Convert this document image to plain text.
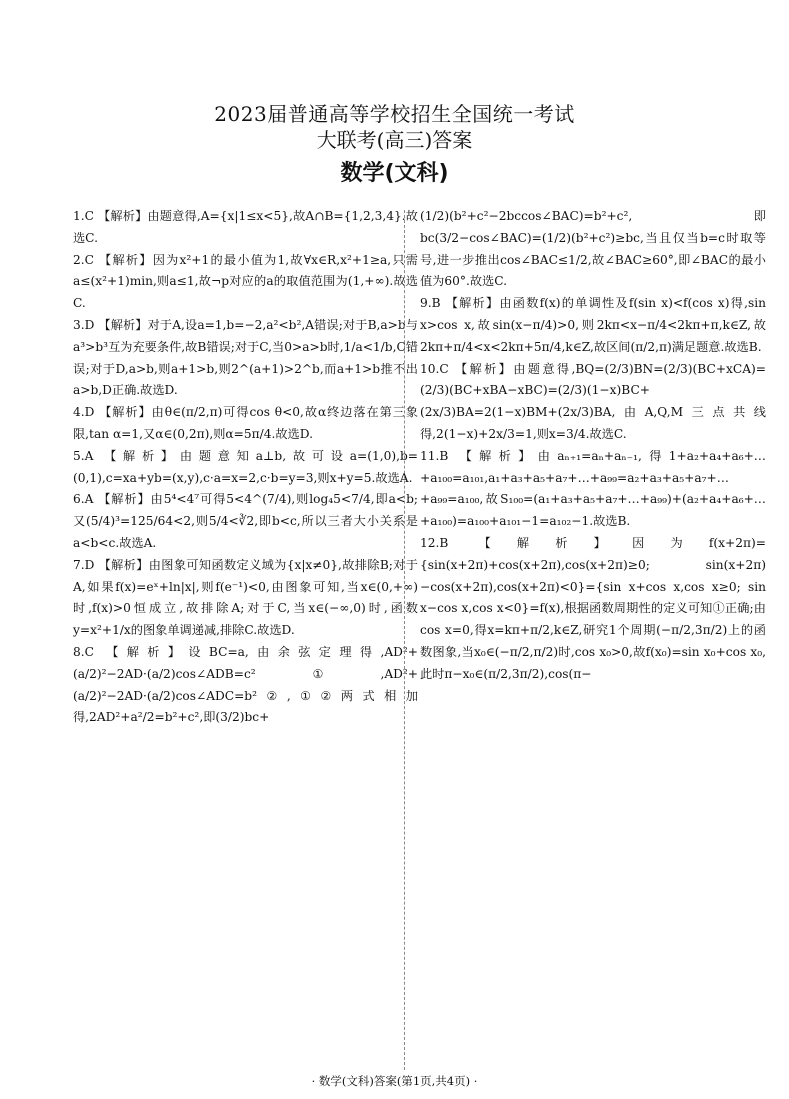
2023届普通高等学校招生全国统一考试
大联考(高三)答案
数学(文科)

1.C 【解析】由题意得,A={x|1≤x<5},故A∩B={1,2,3,4}.故选C.

2.C 【解析】因为x²+1的最小值为1,故∀x∈R,x²+1≥a,只需a≤(x²+1)min,则a≤1,故¬p对应的a的取值范围为(1,+∞).故选C.

3.D 【解析】对于A,设a=1,b=−2,a²<b²,A错误;对于B,a>b与a³>b³互为充要条件,故B错误;对于C,当0>a>b时,1/a<1/b,C错误;对于D,a>b,则a+1>b,则2^(a+1)>2^b,而a+1>b推不出a>b,D正确.故选D.

4.D 【解析】由θ∈(π/2,π)可得cos θ<0,故α终边落在第三象限,tan α=1,又α∈(0,2π),则α=5π/4.故选D.

5.A 【解析】由题意知a⊥b,故可设a=(1,0),b=(0,1),c=xa+yb=(x,y),c·a=x=2,c·b=y=3,则x+y=5.故选A.

6.A 【解析】由5⁴<4⁷可得5<4^(7/4),则log₄5<7/4,即a<b;又(5/4)³=125/64<2,则5/4<∛2,即b<c,所以三者大小关系是a<b<c.故选A.

7.D 【解析】由图象可知函数定义域为{x|x≠0},故排除B;对于A,如果f(x)=eˣ+ln|x|,则f(e⁻¹)<0,由图象可知,当x∈(0,+∞)时,f(x)>0恒成立,故排除A;对于C,当x∈(−∞,0)时,函数y=x²+1/x的图象单调递减,排除C.故选D.

8.C 【解析】设BC=a,由余弦定理得,AD²+(a/2)²−2AD·(a/2)cos∠ADB=c²①,AD²+(a/2)²−2AD·(a/2)cos∠ADC=b²②,①②两式相加得,2AD²+a²/2=b²+c²,即(3/2)bc+

(1/2)(b²+c²−2bccos∠BAC)=b²+c²,即bc(3/2−cos∠BAC)=(1/2)(b²+c²)≥bc,当且仅当b=c时取等号,进一步推出cos∠BAC≤1/2,故∠BAC≥60°,即∠BAC的最小值为60°.故选C.

9.B 【解析】由函数f(x)的单调性及f(sin x)<f(cos x)得,sin x>cos x,故sin(x−π/4)>0,则2kπ<x−π/4<2kπ+π,k∈Z,故2kπ+π/4<x<2kπ+5π/4,k∈Z,故区间(π/2,π)满足题意.故选B.

10.C 【解析】由题意得,BQ=(2/3)BN=(2/3)(BC+xCA)=(2/3)(BC+xBA−xBC)=(2/3)(1−x)BC+(2x/3)BA=2(1−x)BM+(2x/3)BA,由A,Q,M三点共线得,2(1−x)+2x/3=1,则x=3/4.故选C.

11.B 【解析】由aₙ₊₁=aₙ+aₙ₋₁,得1+a₂+a₄+a₆+…+a₁₀₀=a₁₀₁,a₁+a₃+a₅+a₇+…+a₉₉=a₂+a₃+a₅+a₇+…+a₉₉=a₁₀₀,故S₁₀₀=(a₁+a₃+a₅+a₇+…+a₉₉)+(a₂+a₄+a₆+…+a₁₀₀)=a₁₀₀+a₁₀₁−1=a₁₀₂−1.故选B.

12.B 【解析】因为f(x+2π)={sin(x+2π)+cos(x+2π),cos(x+2π)≥0; sin(x+2π)−cos(x+2π),cos(x+2π)<0}={sin x+cos x,cos x≥0; sin x−cos x,cos x<0}=f(x),根据函数周期性的定义可知①正确;由cos x=0,得x=kπ+π/2,k∈Z,研究1个周期(−π/2,3π/2)上的函数图象,当x₀∈(−π/2,π/2)时,cos x₀>0,故f(x₀)=sin x₀+cos x₀,此时π−x₀∈(π/2,3π/2),cos(π−

· 数学(文科)答案(第1页,共4页) ·
